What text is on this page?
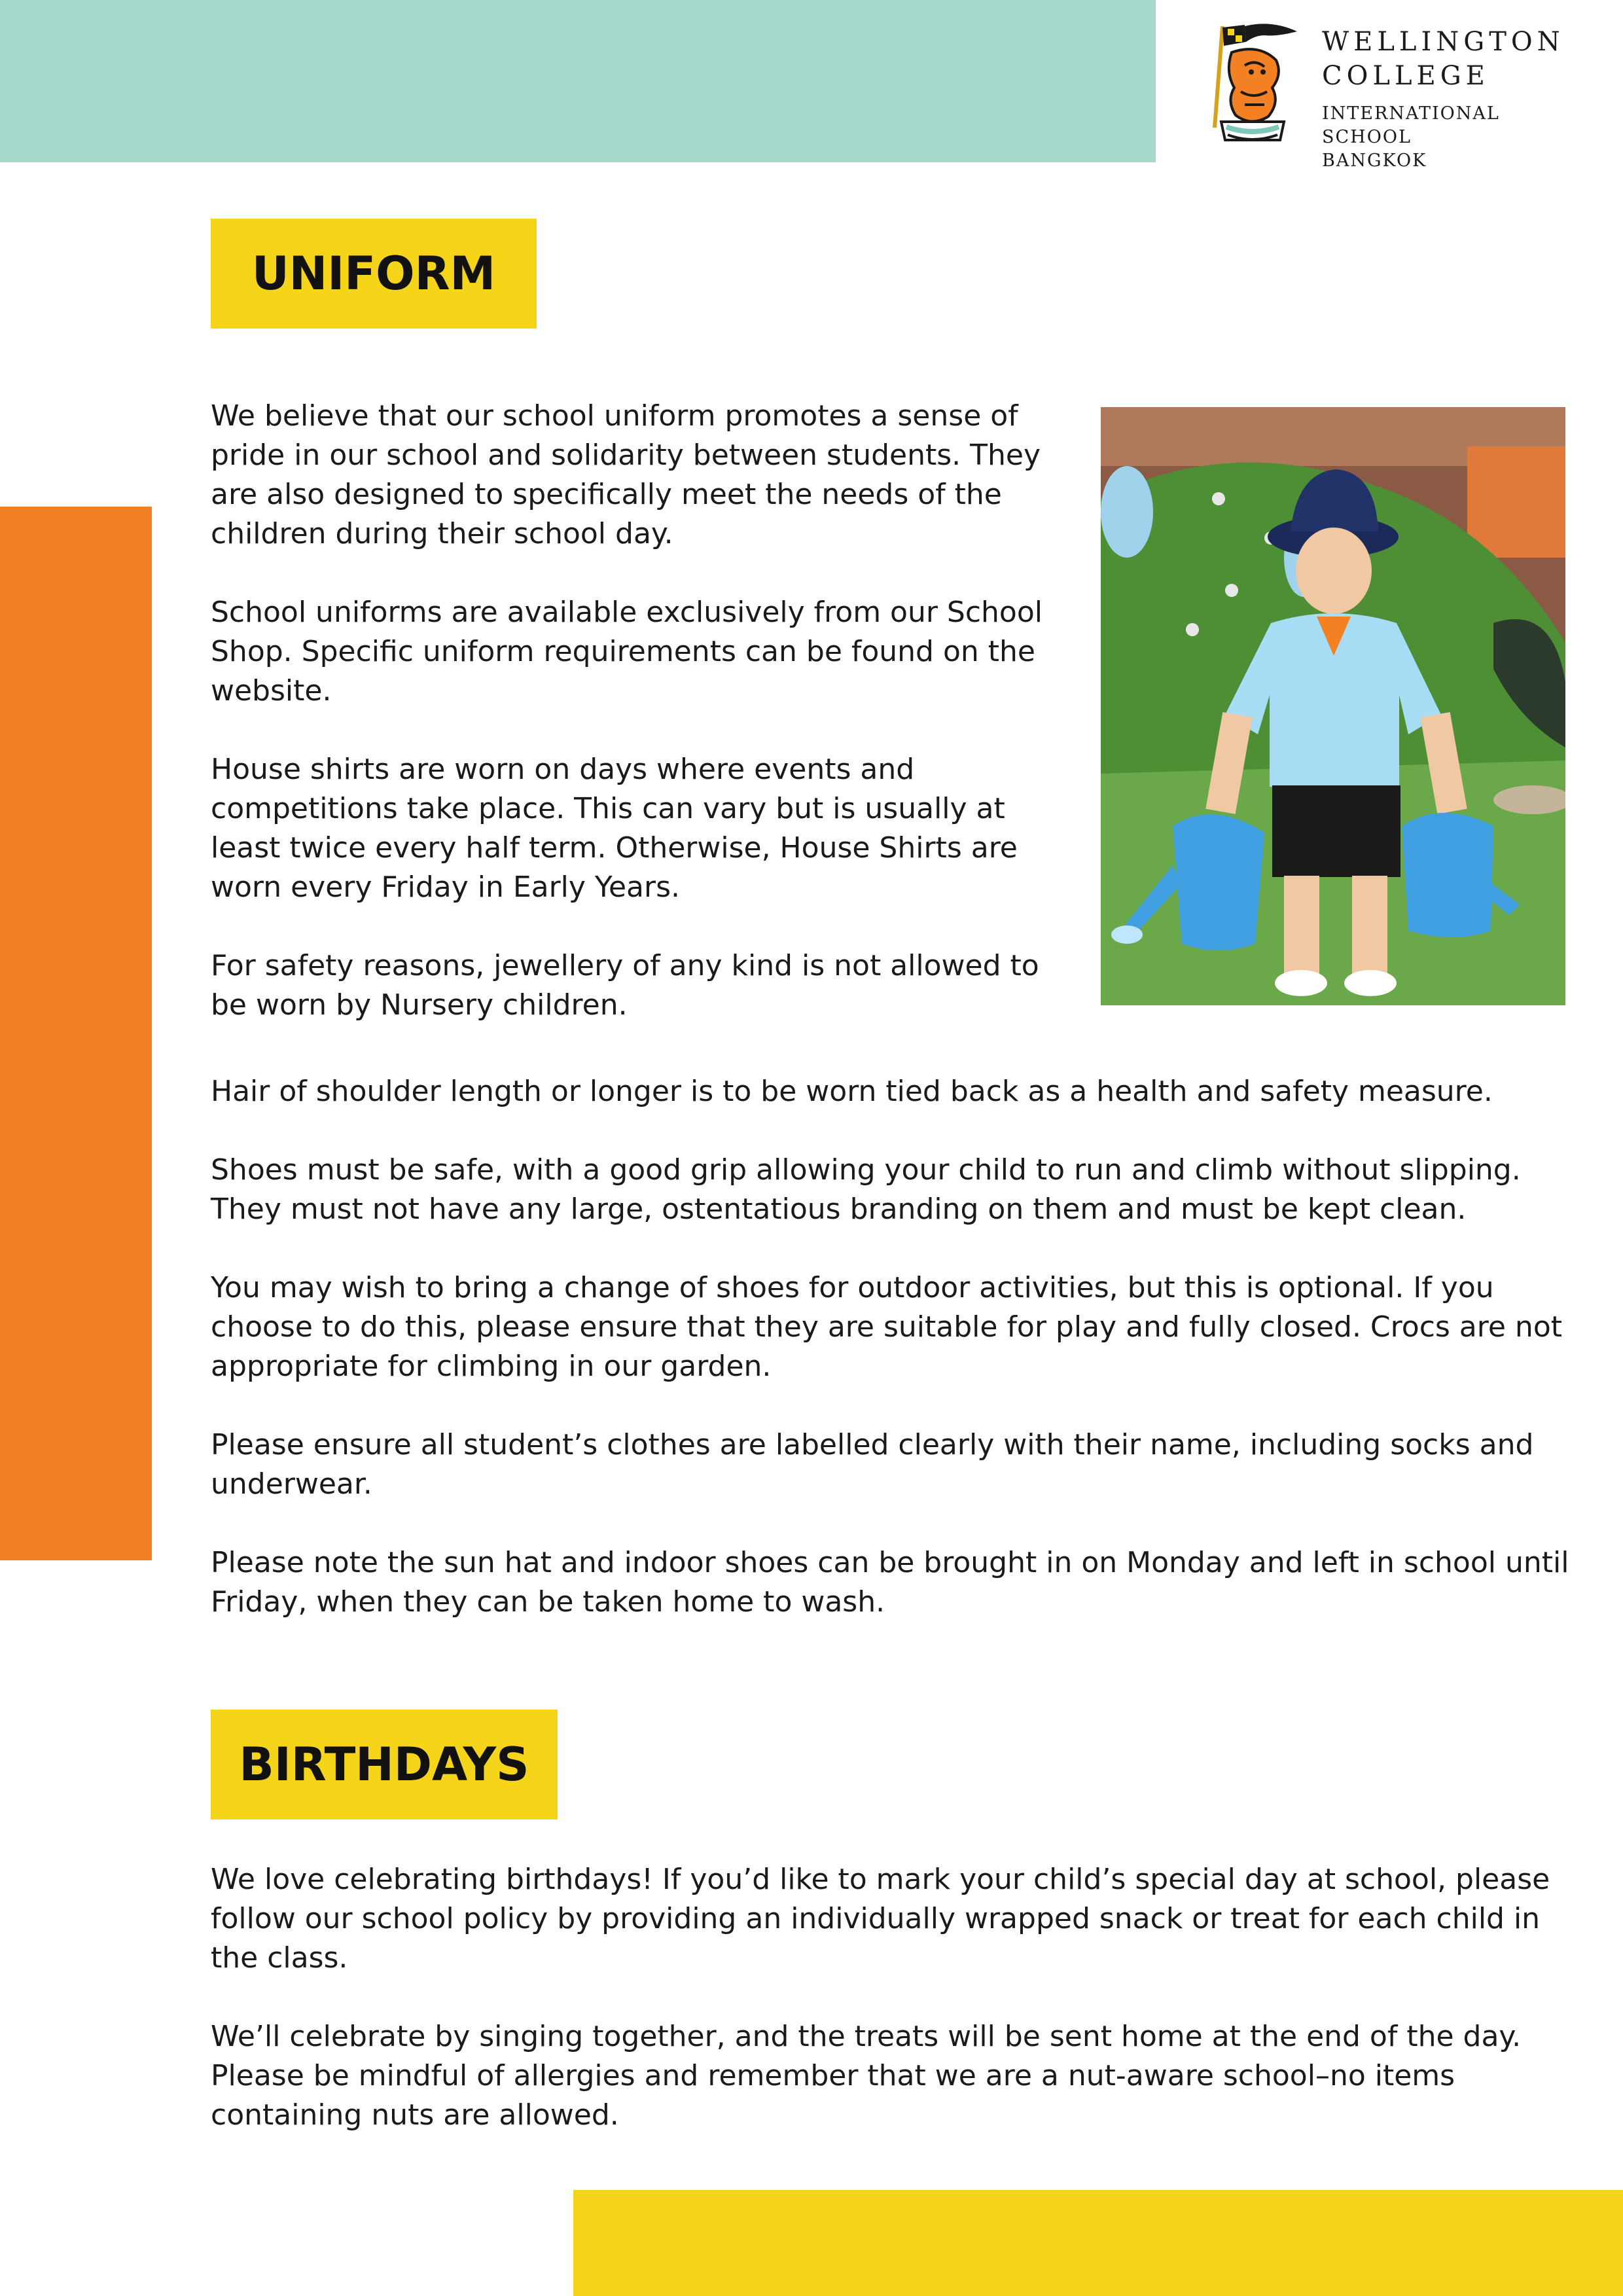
WELLINGTON
COLLEGE
INTERNATIONAL SCHOOL
BANGKOK
UNIFORM

We believe that our school uniform promotes a sense of pride in our school and solidarity between students. They are also designed to specifically meet the needs of the children during their school day.

School uniforms are available exclusively from our School Shop. Specific uniform requirements can be found on the website.

House shirts are worn on days where events and competitions take place. This can vary but is usually at least twice every half term. Otherwise, House Shirts are worn every Friday in Early Years.

For safety reasons, jewellery of any kind is not allowed to be worn by Nursery children.

Hair of shoulder length or longer is to be worn tied back as a health and safety measure.

Shoes must be safe, with a good grip allowing your child to run and climb without slipping. They must not have any large, ostentatious branding on them and must be kept clean.

You may wish to bring a change of shoes for outdoor activities, but this is optional. If you choose to do this, please ensure that they are suitable for play and fully closed. Crocs are not appropriate for climbing in our garden.

Please ensure all student’s clothes are labelled clearly with their name, including socks and underwear.

Please note the sun hat and indoor shoes can be brought in on Monday and left in school until Friday, when they can be taken home to wash.

BIRTHDAYS

We love celebrating birthdays! If you’d like to mark your child’s special day at school, please follow our school policy by providing an individually wrapped snack or treat for each child in the class.

We’ll celebrate by singing together, and the treats will be sent home at the end of the day. Please be mindful of allergies and remember that we are a nut-aware school–no items containing nuts are allowed.
